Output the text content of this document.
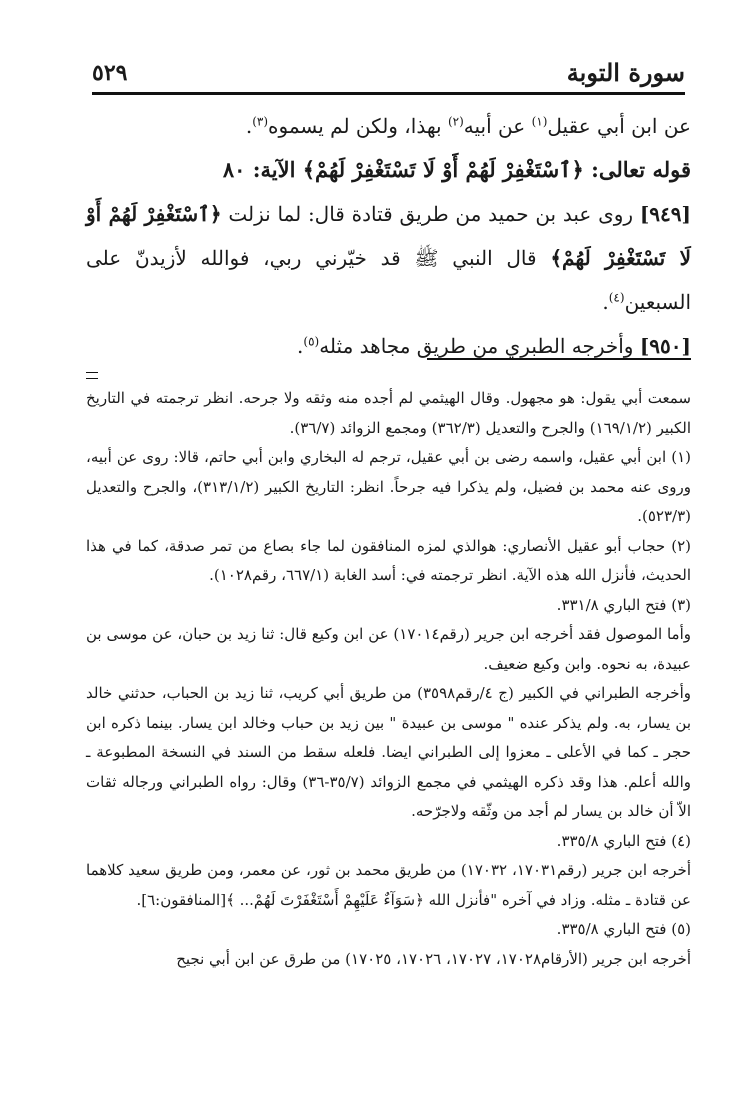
٥٢٩	سورة التوبة

عن ابن أبي عقيل$^{(١)}$ عن أبيه$^{(٢)}$ بهذا، ولكن لم يسموه$^{(٣)}$.

قوله تعالى: ﴿ٱسْتَغْفِرْ لَهُمْ أَوْ لَا تَسْتَغْفِرْ لَهُمْ﴾ الآية: ٨٠

[٩٤٩] روى عبد بن حميد من طريق قتادة قال: لما نزلت ﴿ٱسْتَغْفِرْ لَهُمْ أَوْ لَا تَسْتَغْفِرْ لَهُمْ﴾ قال النبي ﷺ قد خيّرني ربي، فوالله لأزيدنّ على السبعين$^{(٤)}$.

[٩٥٠] وأخرجه الطبري من طريق مجاهد مثله$^{(٥)}$.

سمعت أبي يقول: هو مجهول. وقال الهيثمي لم أجده منه وثقه ولا جرحه. انظر ترجمته في التاريخ الكبير (١٦٩/١/٢) والجرح والتعديل (٣٦٢/٣) ومجمع الزوائد (٣٦/٧).

(١) ابن أبي عقيل، واسمه رضى بن أبي عقيل، ترجم له البخاري وابن أبي حاتم، قالا: روى عن أبيه، وروى عنه محمد بن فضيل، ولم يذكرا فيه جرحاً. انظر: التاريخ الكبير (٣١٣/١/٢)، والجرح والتعديل (٥٢٣/٣).

(٢) حجاب أبو عقيل الأنصاري: هوالذي لمزه المنافقون لما جاء بصاع من تمر صدقة، كما في هذا الحديث، فأنزل الله هذه الآية. انظر ترجمته في: أسد الغابة (٦٦٧/١، رقم١٠٢٨).

(٣) فتح الباري ٣٣١/٨.

وأما الموصول فقد أخرجه ابن جرير (رقم١٧٠١٤) عن ابن وكيع قال: ثنا زيد بن حبان، عن موسى بن عبيدة، به نحوه. وابن وكيع ضعيف.

وأخرجه الطبراني في الكبير (ج ٤/رقم٣٥٩٨) من طريق أبي كريب، ثنا زيد بن الحباب، حدثني خالد بن يسار، به. ولم يذكر عنده " موسى بن عبيدة " بين زيد بن حباب وخالد ابن يسار. بينما ذكره ابن حجر ـ كما في الأعلى ـ معزوا إلى الطبراني ايضا. فلعله سقط من السند في النسخة المطبوعة ـ والله أعلم. هذا وقد ذكره الهيثمي في مجمع الزوائد (٣٥/٧-٣٦) وقال: رواه الطبراني ورجاله ثقات الاّ أن خالد بن يسار لم أجد من وثّقه ولاجرّحه.

(٤) فتح الباري ٣٣٥/٨.

أخرجه ابن جرير (رقم١٧٠٣١، ١٧٠٣٢) من طريق محمد بن ثور، عن معمر، ومن طريق سعيد كلاهما عن قتادة ـ مثله. وزاد في آخره "فأنزل الله ﴿سَوَآءٌ عَلَيْهِمْ أَسْتَغْفَرْتَ لَهُمْ... ﴾[المنافقون:٦].

(٥) فتح الباري ٣٣٥/٨.

أخرجه ابن جرير (الأرقام١٧٠٢٨، ١٧٠٢٧، ١٧٠٢٦، ١٧٠٢٥) من طرق عن ابن أبي نجيح
